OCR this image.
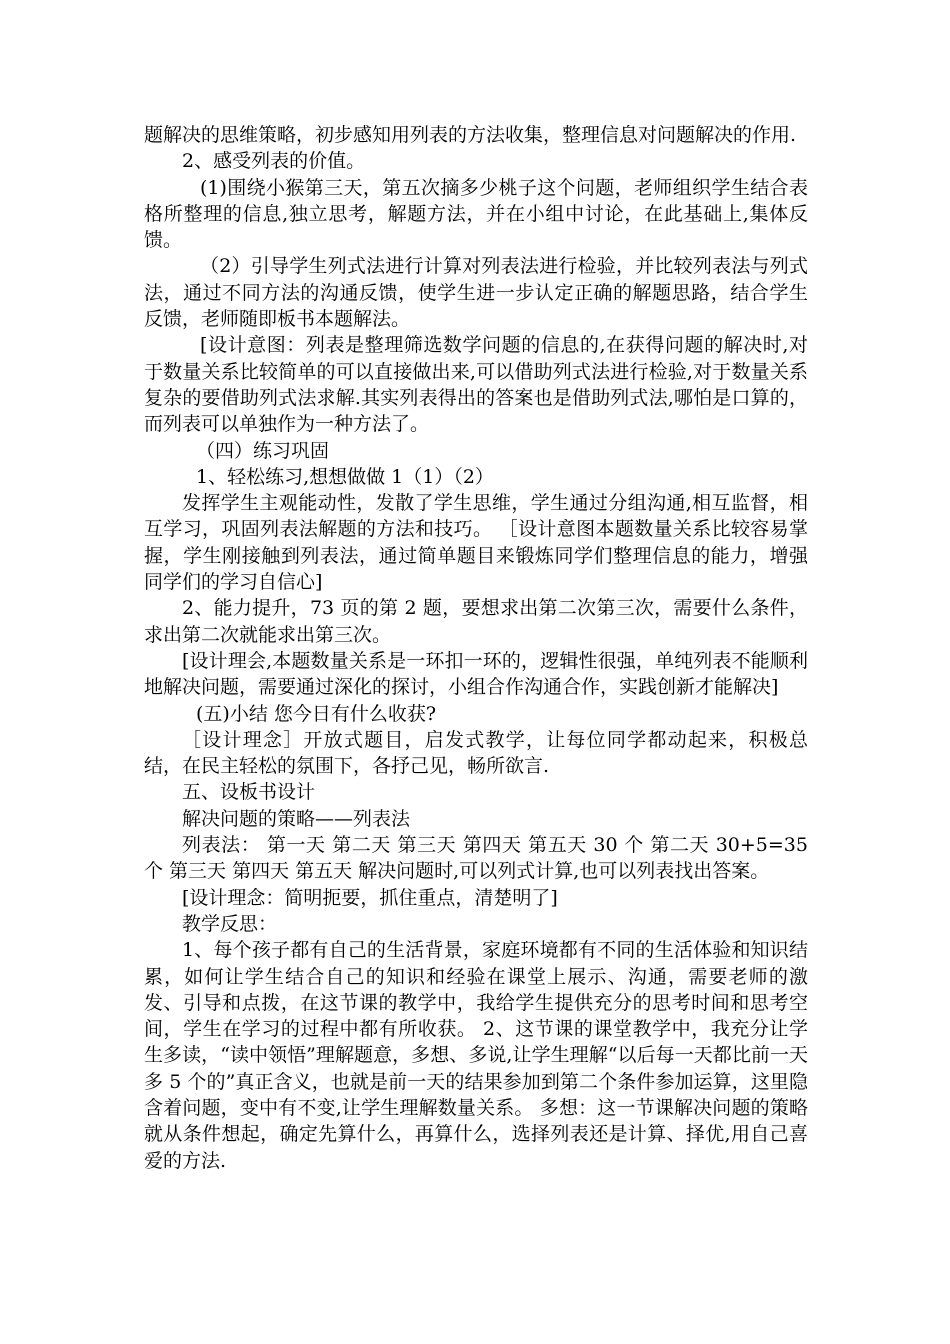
题解决的思维策略，初步感知用列表的方法收集，整理信息对问题解决的作用.

2、感受列表的价值。

(1)围绕小猴第三天，第五次摘多少桃子这个问题，老师组织学生结合表格所整理的信息,独立思考，解题方法，并在小组中讨论，在此基础上,集体反馈。

（2）引导学生列式法进行计算对列表法进行检验，并比较列表法与列式法，通过不同方法的沟通反馈，使学生进一步认定正确的解题思路，结合学生反馈，老师随即板书本题解法。

[设计意图：列表是整理筛选数学问题的信息的,在获得问题的解决时,对于数量关系比较简单的可以直接做出来,可以借助列式法进行检验,对于数量关系复杂的要借助列式法求解.其实列表得出的答案也是借助列式法,哪怕是口算的，而列表可以单独作为一种方法了。

（四）练习巩固

1、轻松练习,想想做做 1（1）（2）

发挥学生主观能动性，发散了学生思维，学生通过分组沟通,相互监督，相互学习，巩固列表法解题的方法和技巧。 ［设计意图本题数量关系比较容易掌握，学生刚接触到列表法，通过简单题目来锻炼同学们整理信息的能力，增强同学们的学习自信心]

2、能力提升，73 页的第 2 题，要想求出第二次第三次，需要什么条件，求出第二次就能求出第三次。

[设计理会,本题数量关系是一环扣一环的，逻辑性很强，单纯列表不能顺利地解决问题，需要通过深化的探讨，小组合作沟通合作，实践创新才能解决]

(五)小结 您今日有什么收获?

［设计理念］开放式题目，启发式教学，让每位同学都动起来，积极总结，在民主轻松的氛围下，各抒己见，畅所欲言.

五、设板书设计

解决问题的策略——列表法

列表法： 第一天 第二天 第三天 第四天 第五天 30 个 第二天 30+5=35 个 第三天 第四天 第五天 解决问题时,可以列式计算,也可以列表找出答案。

[设计理念：简明扼要，抓住重点，清楚明了]

教学反思：

1、每个孩子都有自己的生活背景，家庭环境都有不同的生活体验和知识结累，如何让学生结合自己的知识和经验在课堂上展示、沟通，需要老师的激发、引导和点拨，在这节课的教学中，我给学生提供充分的思考时间和思考空间，学生在学习的过程中都有所收获。 2、这节课的课堂教学中，我充分让学生多读，“读中领悟”理解题意，多想、多说,让学生理解“以后每一天都比前一天多 5 个的”真正含义，也就是前一天的结果参加到第二个条件参加运算，这里隐含着问题，变中有不变,让学生理解数量关系。 多想：这一节课解决问题的策略就从条件想起，确定先算什么，再算什么，选择列表还是计算、择优,用自己喜爱的方法.
